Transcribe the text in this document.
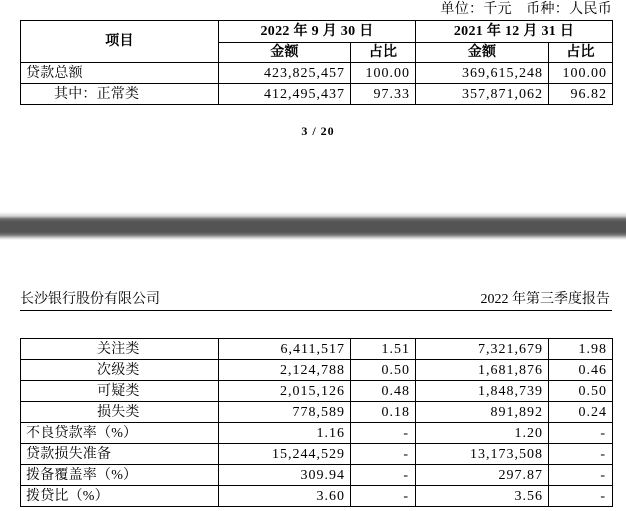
单位：千元　币种：人民币
项目	2022 年 9 月 30 日		2021 年 12 月 31 日	
	金额	占比	金额	占比
贷款总额	423,825,457	100.00	369,615,248	100.00
其中：正常类	412,495,437	97.33	357,871,062	96.82
3 / 20
长沙银行股份有限公司	2022 年第三季度报告
关注类	6,411,517	1.51	7,321,679	1.98
次级类	2,124,788	0.50	1,681,876	0.46
可疑类	2,015,126	0.48	1,848,739	0.50
损失类	778,589	0.18	891,892	0.24
不良贷款率（%）	1.16	-	1.20	-
贷款损失准备	15,244,529	-	13,173,508	-
拨备覆盖率（%）	309.94	-	297.87	-
拨贷比（%）	3.60	-	3.56	-
